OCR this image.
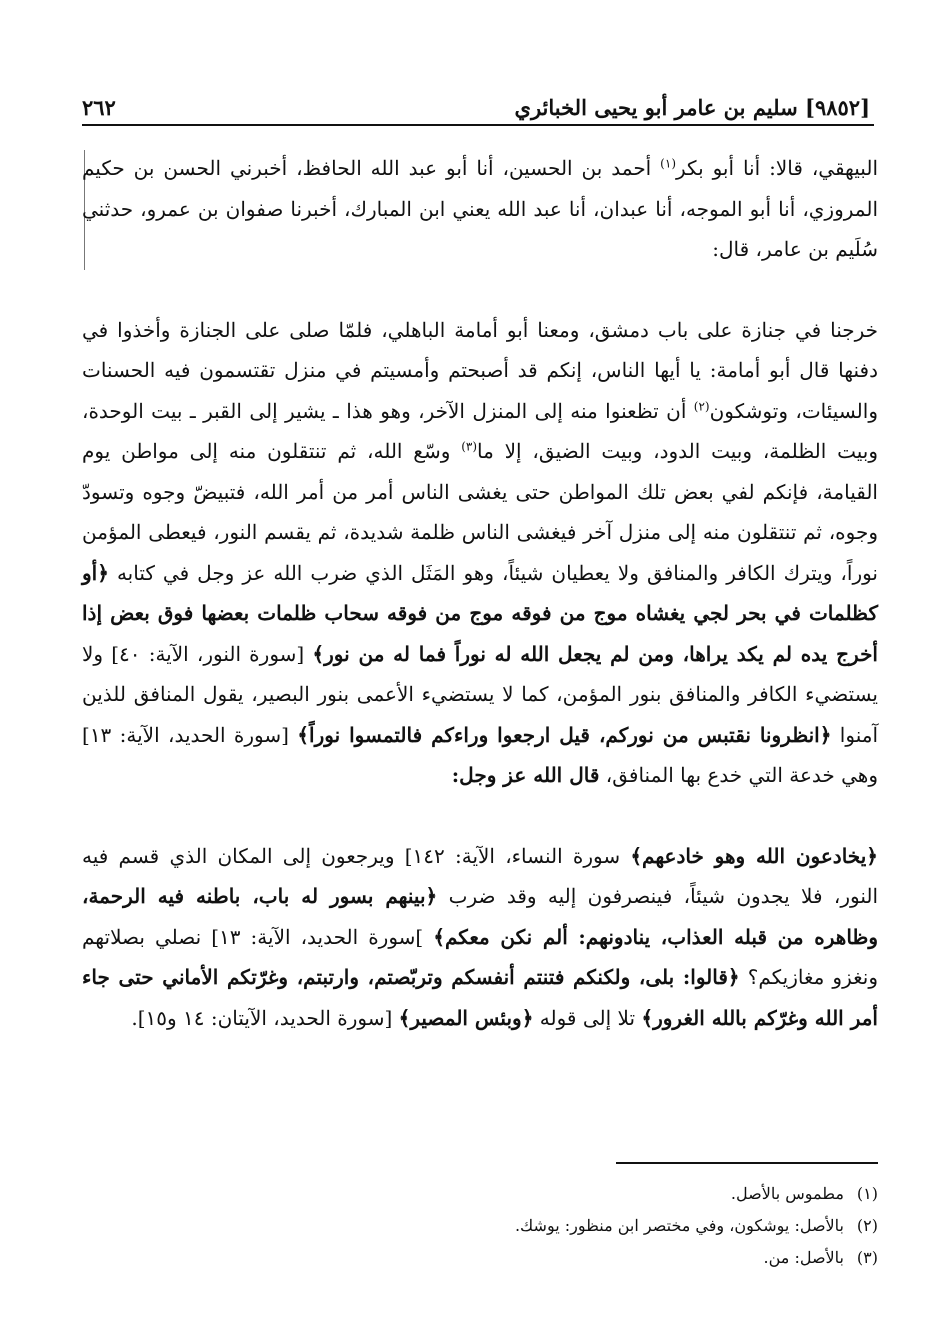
[٩٨٥٢] سليم بن عامر أبو يحيى الخبائري
٢٦٢

البيهقي، قالا: أنا أبو بكر$^{(١)}$ أحمد بن الحسين، أنا أبو عبد الله الحافظ، أخبرني الحسن بن حكيم المروزي، أنا أبو الموجه، أنا عبدان، أنا عبد الله يعني ابن المبارك، أخبرنا صفوان بن عمرو، حدثني سُلَيم بن عامر، قال:

خرجنا في جنازة على باب دمشق، ومعنا أبو أمامة الباهلي، فلمّا صلى على الجنازة وأخذوا في دفنها قال أبو أمامة: يا أيها الناس، إنكم قد أصبحتم وأمسيتم في منزل تقتسمون فيه الحسنات والسيئات، وتوشكون$^{(٢)}$ أن تظعنوا منه إلى المنزل الآخر، وهو هذا ـ يشير إلى القبر ـ بيت الوحدة، وبيت الظلمة، وبيت الدود، وبيت الضيق، إلا ما$^{(٣)}$ وسّع الله، ثم تنتقلون منه إلى مواطن يوم القيامة، فإنكم لفي بعض تلك المواطن حتى يغشى الناس أمر من أمر الله، فتبيضّ وجوه وتسودّ وجوه، ثم تنتقلون منه إلى منزل آخر فيغشى الناس ظلمة شديدة، ثم يقسم النور، فيعطى المؤمن نوراً، ويترك الكافر والمنافق ولا يعطيان شيئاً، وهو المَثَل الذي ضرب الله عز وجل في كتابه ﴿أو كظلمات في بحر لجي يغشاه موج من فوقه موج من فوقه سحاب ظلمات بعضها فوق بعض إذا أخرج يده لم يكد يراها، ومن لم يجعل الله له نوراً فما له من نور﴾ [سورة النور، الآية: ٤٠] ولا يستضيء الكافر والمنافق بنور المؤمن، كما لا يستضيء الأعمى بنور البصير، يقول المنافق للذين آمنوا ﴿انظرونا نقتبس من نوركم، قيل ارجعوا وراءكم فالتمسوا نوراً﴾ [سورة الحديد، الآية: ١٣] وهي خدعة التي خدع بها المنافق، قال الله عز وجل:

﴿يخادعون الله وهو خادعهم﴾ سورة النساء، الآية: ١٤٢] ويرجعون إلى المكان الذي قسم فيه النور، فلا يجدون شيئاً، فينصرفون إليه وقد ضرب ﴿بينهم بسور له باب، باطنه فيه الرحمة، وظاهره من قبله العذاب، ينادونهم: ألم نكن معكم﴾ ]سورة الحديد، الآية: ١٣] نصلي بصلاتهم ونغزو مغازيكم؟ ﴿قالوا: بلى، ولكنكم فتنتم أنفسكم وتربّصتم، وارتبتم، وغرّتكم الأماني حتى جاء أمر الله وغرّكم بالله الغرور﴾ تلا إلى قوله ﴿وبئس المصير﴾ [سورة الحديد، الآيتان: ١٤ و١٥].

(١)مطموس بالأصل.
(٢)بالأصل: يوشكون، وفي مختصر ابن منظور: يوشك.
(٣)بالأصل: من.
